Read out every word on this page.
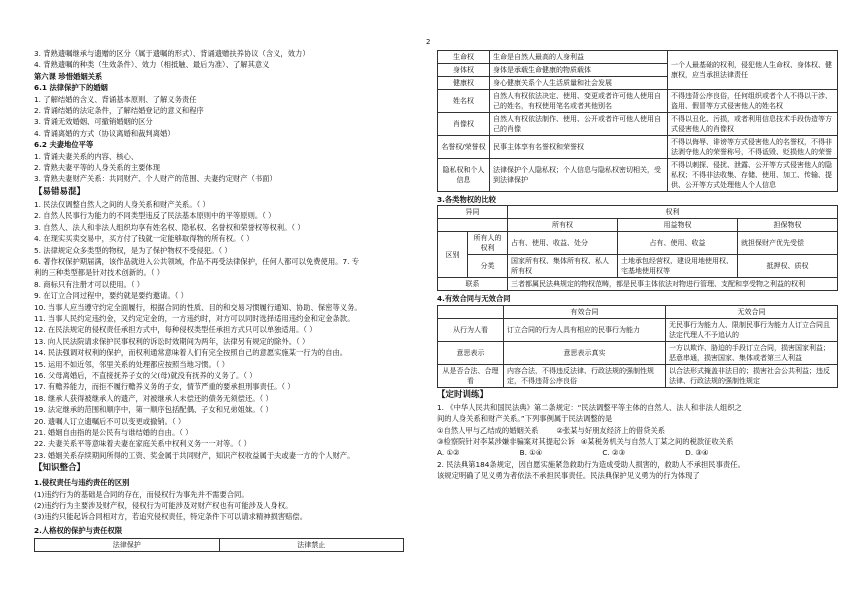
2
3. 背熟遗嘱继承与遗赠的区分（属于遗嘱的形式）、背诵遗赠扶养协议（含义，效力）
4. 背熟遗嘱的种类（生效条件）、效力（相抵触、最后为准）、了解其意义
第六课 珍惜婚姻关系
6.1 法律保护下的婚姻
1. 了解结婚的含义、背诵基本原则、了解义务责任
2. 背诵结婚的法定条件，了解结婚登记的意义和程序
3. 背诵无效婚姻、可撤销婚姻的区分
4. 背诵离婚的方式（协议离婚和裁判离婚）
6.2 夫妻地位平等
1. 背诵夫妻关系的内容、核心、
2. 背熟夫妻平等的人身关系的主要体现
3. 背熟夫妻财产关系：共同财产、个人财产的范围、夫妻约定财产（书面）
【易错易混】
1. 民法仅调整自然人之间的人身关系和财产关系。（ ）
2. 自然人民事行为能力的不同类型违反了民法基本原则中的平等原则。（ ）
3. 自然人、法人和非法人组织均享有姓名权、隐私权、名誉权和荣誉权等权利。（ ）
4. 在现实买卖交易中，买方付了钱就一定能够取得物的所有权。（ ）
5. 法律规定众多类型的物权，是为了保护物权不受侵犯。（ ）
6. 著作权保护期届满，该作品就进入公共领域，作品不再受法律保护，任何人都可以免费使用。7. 专
利的三种类型都是针对技术创新的。（ ）
8. 商标只有注册才可以使用。（ ）
9. 在订立合同过程中，要约就是要约邀请。（ ）
10. 当事人应当遵守约定全面履行，根据合同的性质、目的和交易习惯履行通知、协助、保密等义务。
11. 当事人民约定违约金，又约定定金的，一方违约时，对方可以同时选择适用违约金和定金条款。
12. 在民法规定的侵权责任承担方式中，每种侵权类型任承担方式只可以单独适用。（ ）
13. 向人民法院请求保护民事权利的诉讼时效期间为两年，法律另有规定的除外。（ ）
14. 民法强调对权利的保护，而权利通常意味着人们有完全按照自己的意愿实施某一行为的自由。
15. 运用不如近邻，邻里关系的处理都应按照当地习惯。（ ）
16. 父母离婚后，不直接抚养子女的父(母)就没有抚养的义务了。（ ）
17. 有赡养能力，而拒不履行赡养义务的子女，情节严重的要承担刑事责任。（ ）
18. 继承人获得被继承人的遗产，对被继承人未偿还的债务无须偿还。（ ）
19. 法定继承的范围和顺序中，第一顺序包括配偶、子女和兄弟姐妹。（ ）
20. 遗嘱人订立遗嘱后不可以变更或撤销。（ ）
21. 婚姻自由指的是公民有与谁结婚的自由。（ ）
22. 夫妻关系平等意味着夫妻在家庭关系中权利义务一一对等。（ ）
23. 婚姻关系存续期间所得的工资、奖金属于共同财产，知识产权收益属于夫或妻一方的个人财产。
【知识整合】
1.侵权责任与违约责任的区别
(1)违约行为的基础是合同的存在，而侵权行为事先并不需要合同。
(2)违约行为主要涉及财产权，侵权行为可能涉及对财产权也有可能涉及人身权。
(3)违约只能起诉合同相对方，若追究侵权责任，特定条件下可以请求精神损害赔偿。
2.人格权的保护与责任权限
法律保护	法律禁止
生命权	生命是自然人最高的人身利益	一个人最基础的权利，侵犯他人生命权、身体权、健康权，应当承担法律责任
身体权	身体是承载生命健康的物质载体	
健康权	身心健康关系个人生活质量和社会发展	
姓名权	自然人有权依法决定、使用、变更或者许可他人使用自己的姓名，有权使用笔名或者其他别名	不得违背公序良俗，任何组织或者个人不得以干涉、盗用、假冒等方式侵害他人的姓名权
肖像权	自然人有权依法制作、使用、公开或者许可他人使用自己的肖像	不得以丑化、污损，或者利用信息技术手段伪造等方式侵害他人的肖像权
名誉权/荣誉权	民事主体享有名誉权和荣誉权	不得以侮辱、诽谤等方式侵害他人的名誉权，不得非法剥夺他人的荣誉称号，不得诋毁、贬损他人的荣誉
隐私权和个人信息	法律保护个人隐私权；个人信息与隐私权密切相关，受到法律保护	不得以刺探、侵扰、泄露、公开等方式侵害他人的隐私权；不得非法收集、存储、使用、加工、传输、提供、公开等方式处理他人个人信息
3.各类物权的比较
异同		权利		
		所有权	用益物权	担保物权
区别	所有人的权利	占有、使用、收益、处分	占有、使用、收益	就担保财产优先受偿
	分类	国家所有权、集体所有权、私人所有权	土地承包经营权、建设用地使用权、宅基地使用权等	抵押权、质权
联系		三者都属民法典规定的物权范畴，都是民事主体依法对物进行管理、支配和享受物之利益的权利		
4.有效合同与无效合同
	有效合同	无效合同
从行为人看	订立合同的行为人具有相应的民事行为能力	无民事行为能力人、限制民事行为能力人订立合同且法定代理人不予追认的
意思表示	意思表示真实	一方以欺诈、胁迫的手段订立合同，损害国家利益；恶意串通，损害国家、集体或者第三人利益
从是否合法、合理看	内容合法，不得违反法律、行政法规的强制性规定，不得违背公序良俗	以合法形式掩盖非法目的；损害社会公共利益；违反法律、行政法规的强制性规定
【定时训练】
1. 《中华人民共和国民法典》第二条规定：“民法调整平等主体的自然人、法人和非法人组织之
间的人身关系和财产关系。”下列事例属于民法调整的是
①自然人甲与乙结成的婚姻关系 ②张某与好朋友经济上的借贷关系
③检察院针对李某涉嫌非骗案对其提起公诉 ④某税务机关与自然人丁某之间的税款征收关系
A. ①②	B. ①④	C. ②③	D. ③④
2. 民法典第184条规定，因自愿实施紧急救助行为造成受助人损害的，救助人不承担民事责任。
该规定明确了见义勇为者依法不承担民事责任。民法典保护见义勇为的行为体现了
